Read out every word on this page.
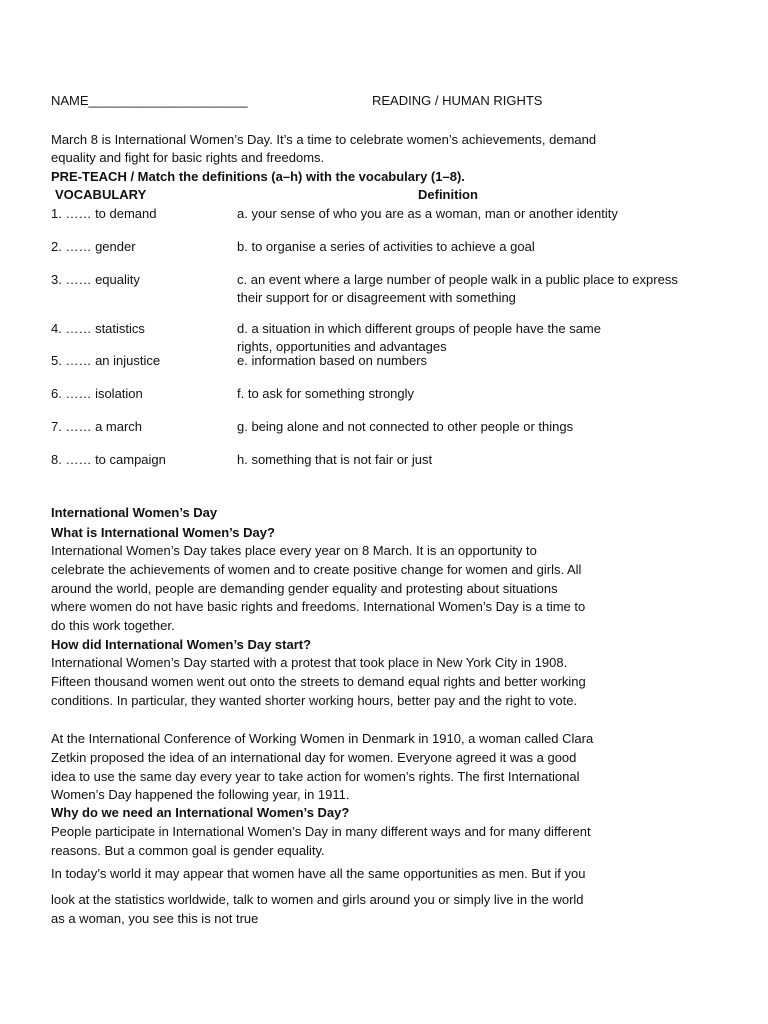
NAME______________________	READING / HUMAN RIGHTS

March 8 is International Women’s Day. It’s a time to celebrate women’s achievements, demand
equality and fight for basic rights and freedoms.

PRE-TEACH / Match the definitions (a–h) with the vocabulary (1–8).
VOCABULARY	Definition
1. …… to demand	a. your sense of who you are as a woman, man or another identity
2. …… gender	b. to organise a series of activities to achieve a goal
3. …… equality	c. an event where a large number of people walk in a public place to express
their support for or disagreement with something
4. …… statistics	d. a situation in which different groups of people have the same
rights, opportunities and advantages
5. …… an injustice	e. information based on numbers
6. …… isolation	f. to ask for something strongly
7. …… a march	g. being alone and not connected to other people or things
8. …… to campaign	h. something that is not fair or just
International Women’s Day
What is International Women’s Day?

International Women’s Day takes place every year on 8 March. It is an opportunity to
celebrate the achievements of women and to create positive change for women and girls. All
around the world, people are demanding gender equality and protesting about situations
where women do not have basic rights and freedoms. International Women’s Day is a time to
do this work together.

How did International Women’s Day start?

International Women’s Day started with a protest that took place in New York City in 1908.
Fifteen thousand women went out onto the streets to demand equal rights and better working
conditions. In particular, they wanted shorter working hours, better pay and the right to vote.

At the International Conference of Working Women in Denmark in 1910, a woman called Clara
Zetkin proposed the idea of an international day for women. Everyone agreed it was a good
idea to use the same day every year to take action for women’s rights. The first International
Women’s Day happened the following year, in 1911.

Why do we need an International Women’s Day?

People participate in International Women’s Day in many different ways and for many different
reasons. But a common goal is gender equality.

In today’s world it may appear that women have all the same opportunities as men. But if you

look at the statistics worldwide, talk to women and girls around you or simply live in the world
as a woman, you see this is not true
